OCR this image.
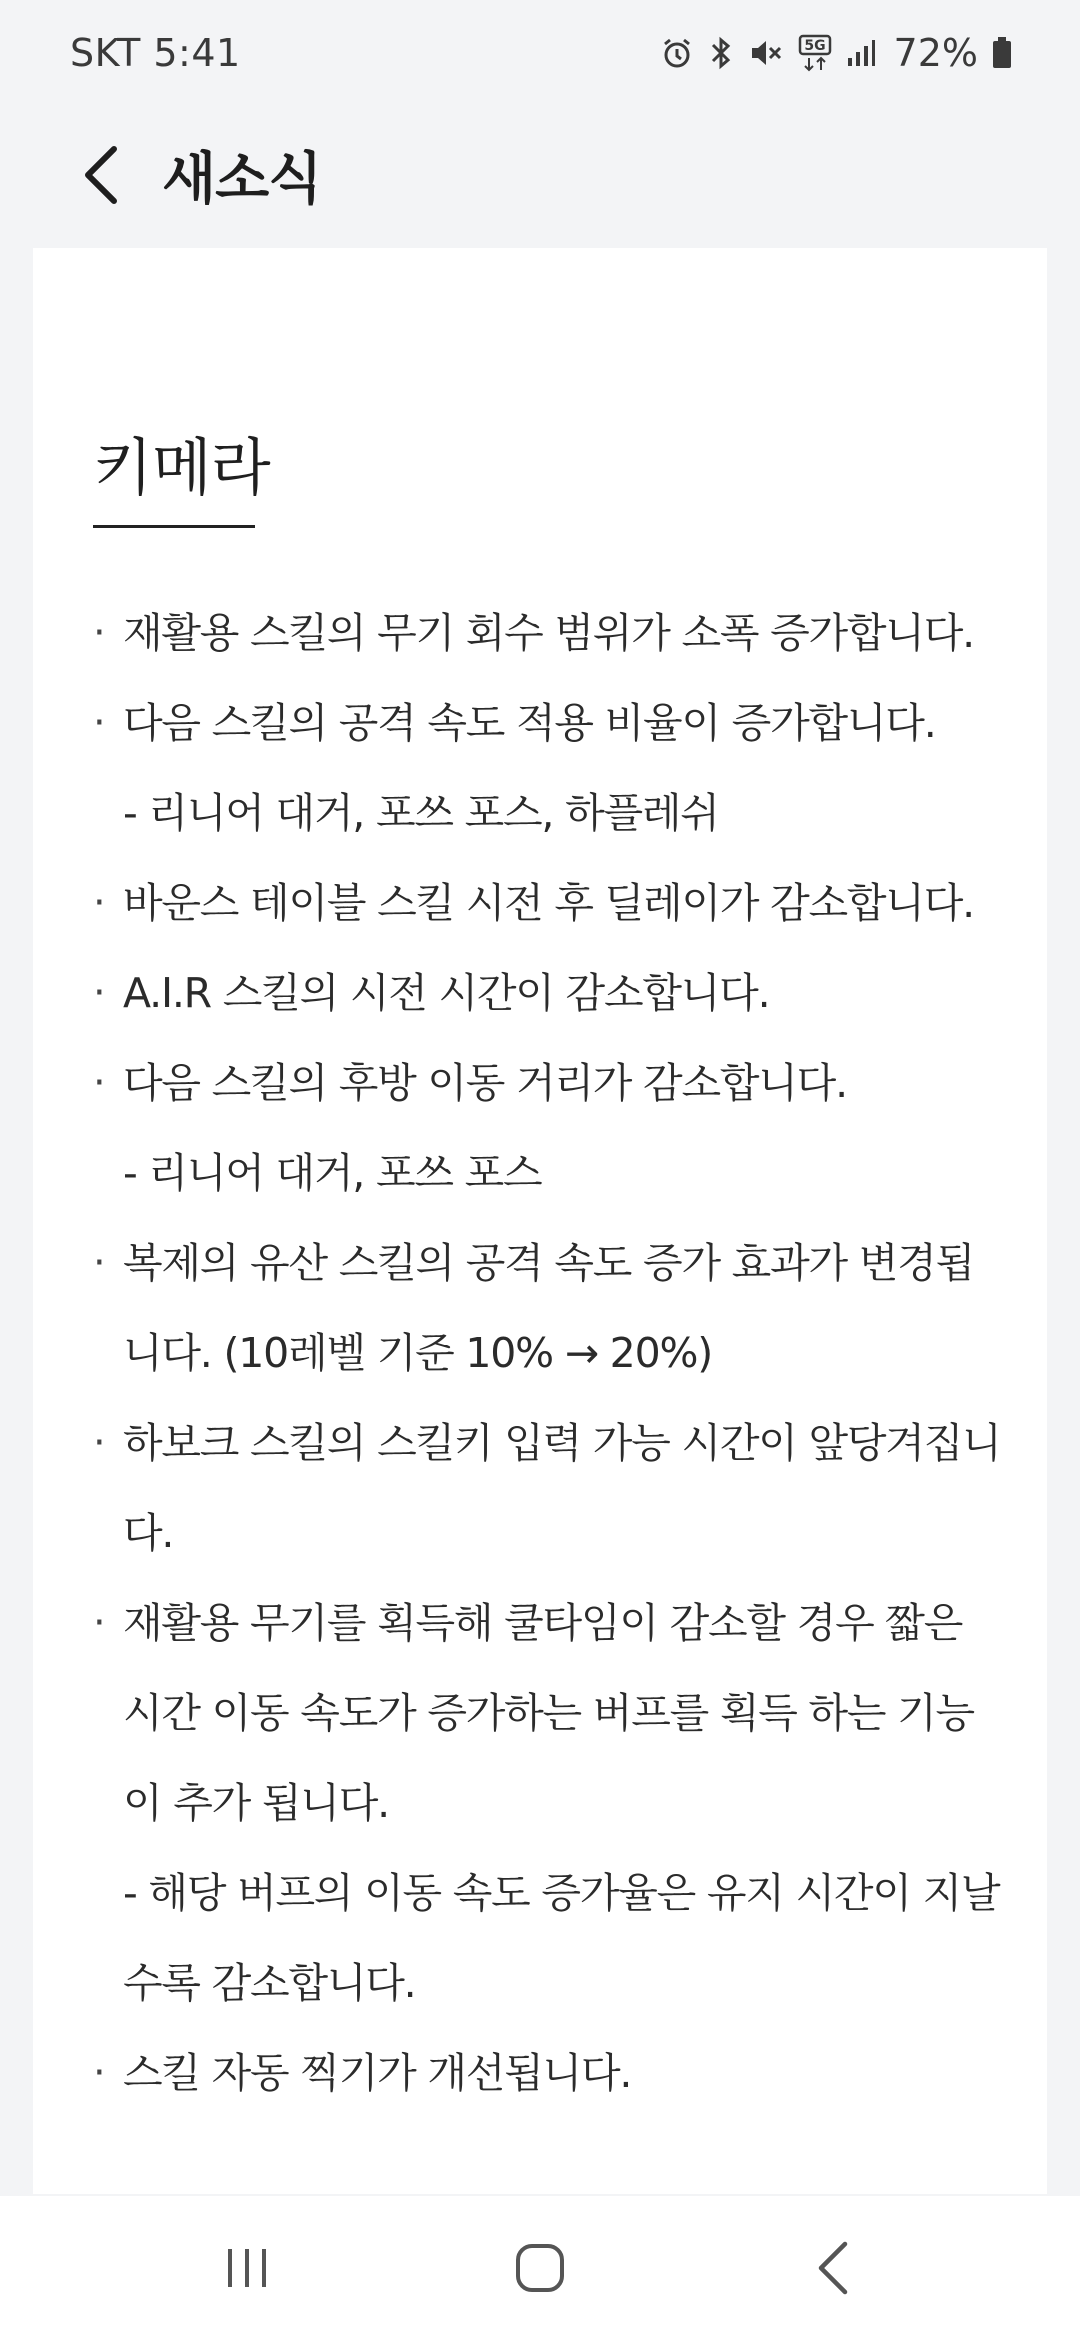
SKT 5:41	5G 72%
새소식
키메라
· 재활용 스킬의 무기 회수 범위가 소폭 증가합니다.
· 다음 스킬의 공격 속도 적용 비율이 증가합니다.
- 리니어 대거, 포쓰 포스, 하플레쉬
· 바운스 테이블 스킬 시전 후 딜레이가 감소합니다.
· A.I.R 스킬의 시전 시간이 감소합니다.
· 다음 스킬의 후방 이동 거리가 감소합니다.
- 리니어 대거, 포쓰 포스
· 복제의 유산 스킬의 공격 속도 증가 효과가 변경됩
니다. (10레벨 기준 10% → 20%)
· 하보크 스킬의 스킬키 입력 가능 시간이 앞당겨집니
다.
· 재활용 무기를 획득해 쿨타임이 감소할 경우 짧은
시간 이동 속도가 증가하는 버프를 획득 하는 기능
이 추가 됩니다.
- 해당 버프의 이동 속도 증가율은 유지 시간이 지날
수록 감소합니다.
· 스킬 자동 찍기가 개선됩니다.
